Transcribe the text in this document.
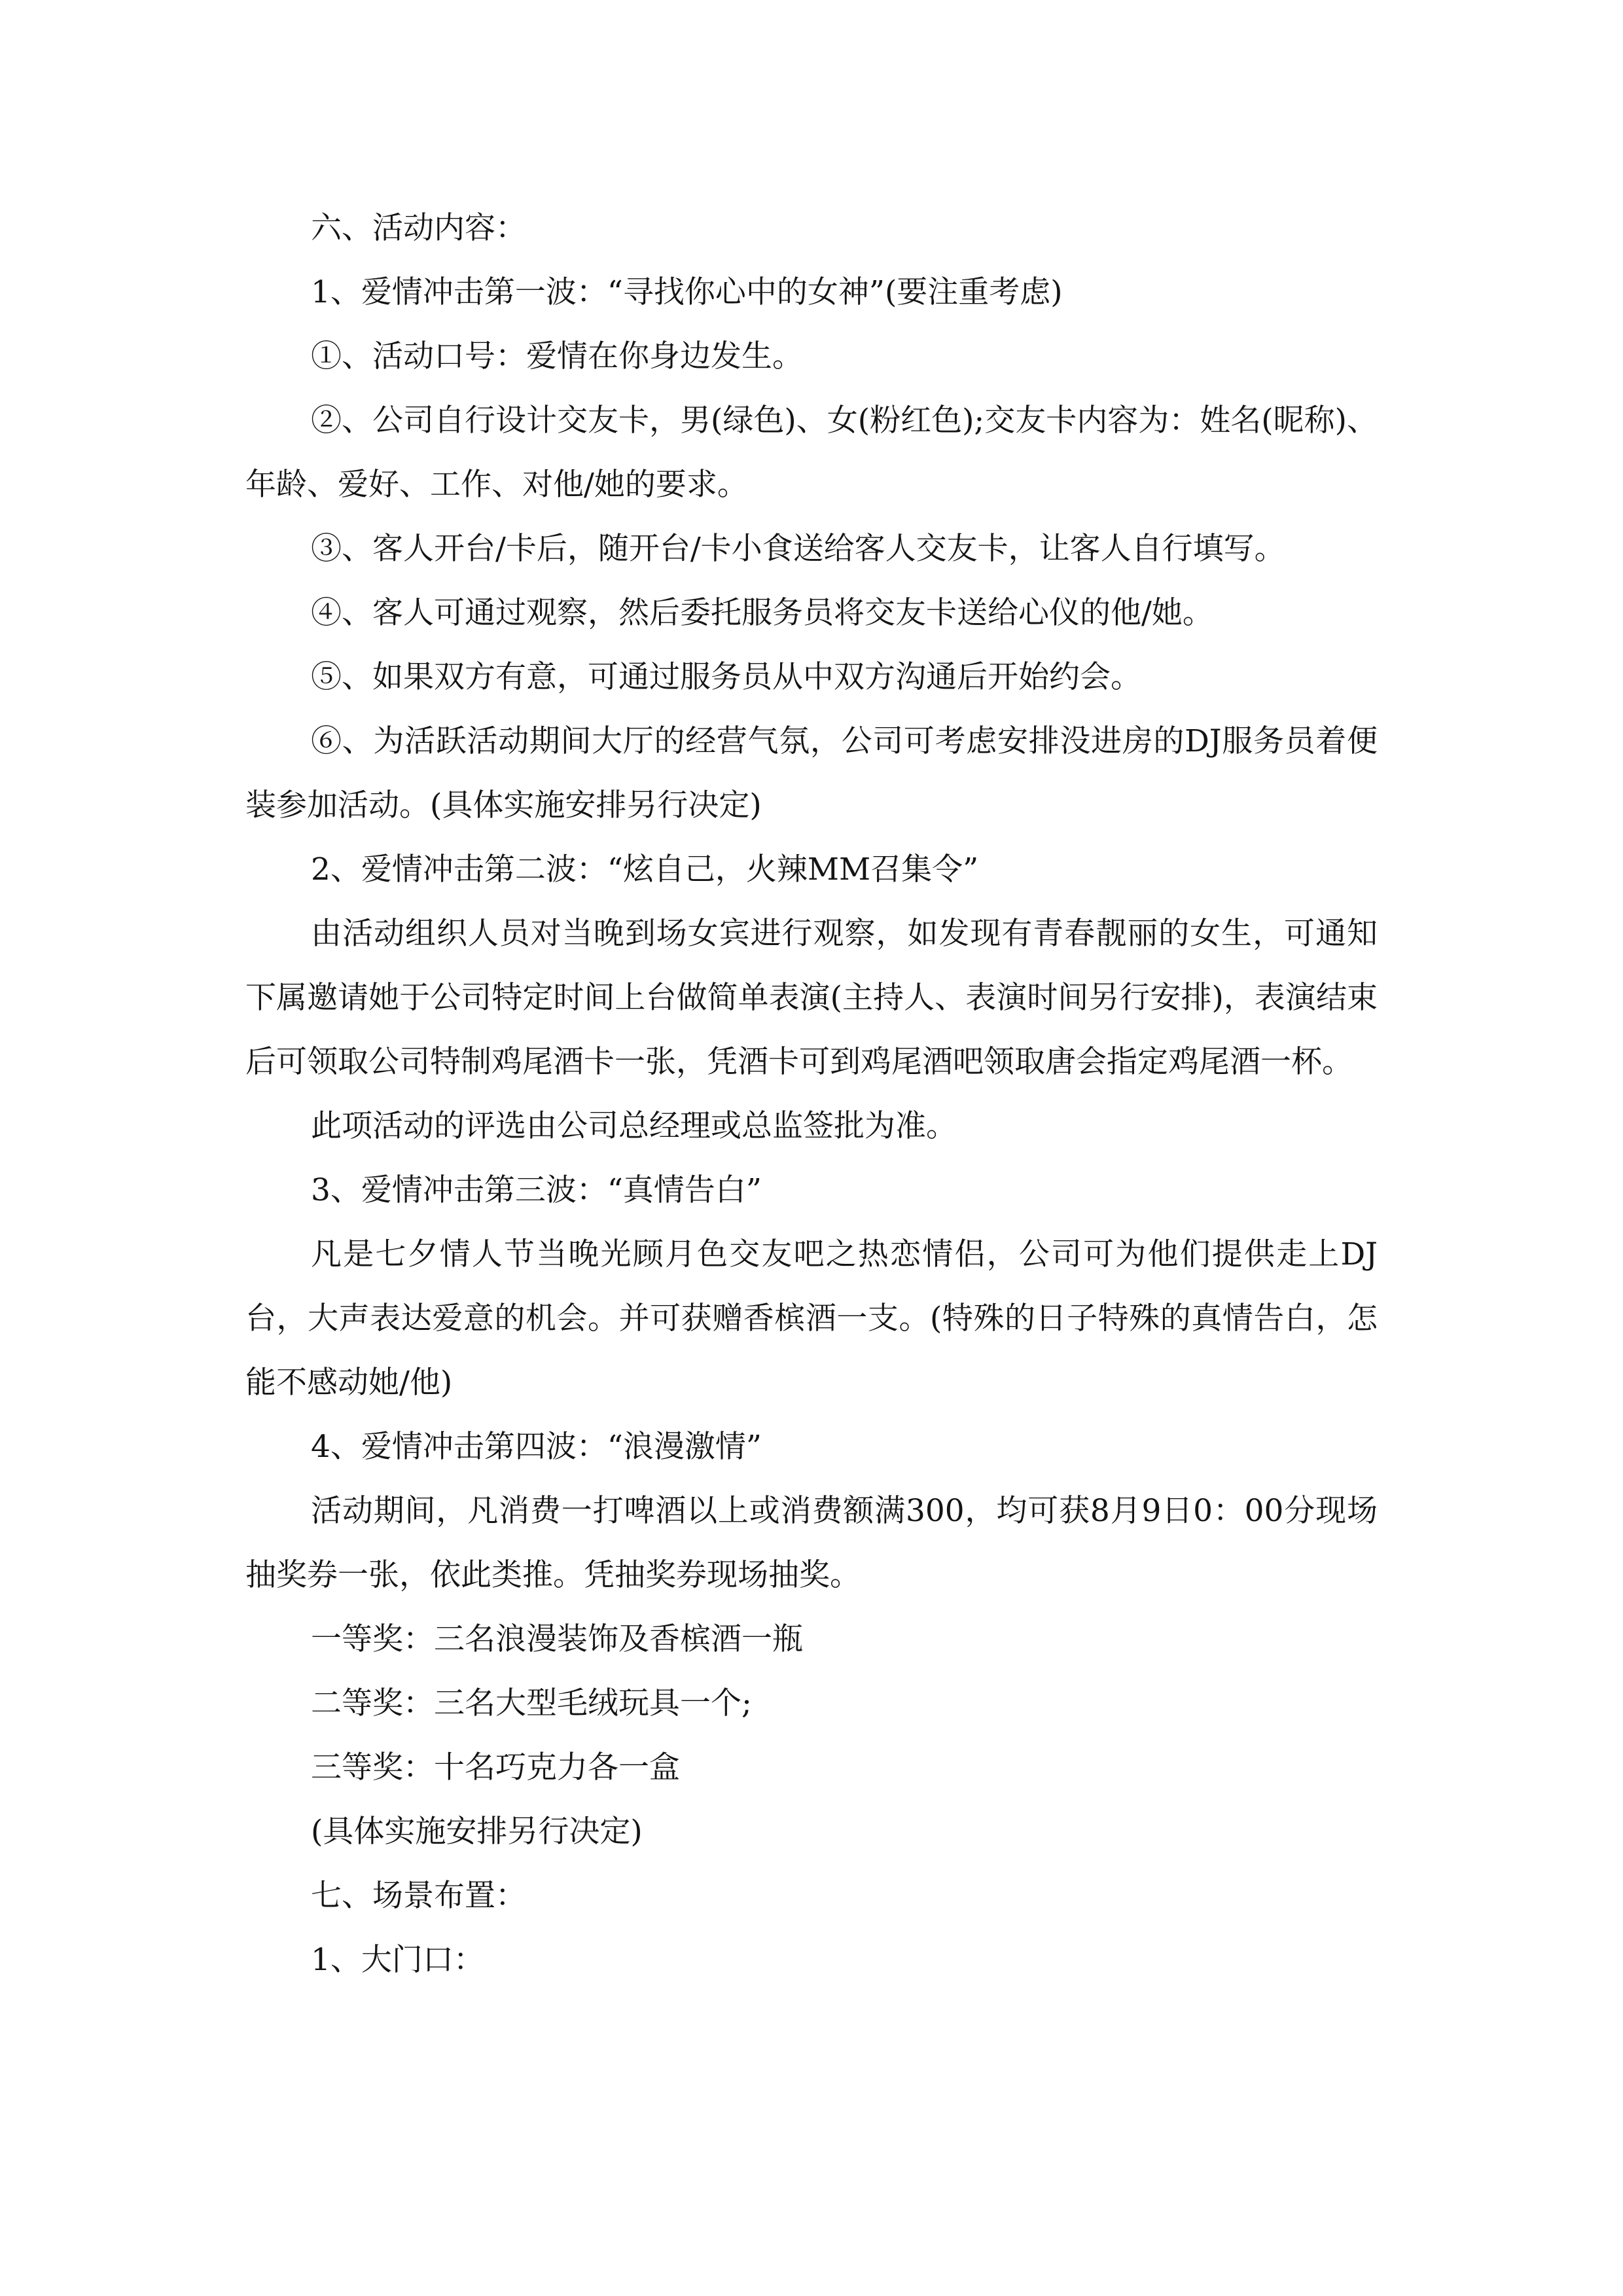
六、活动内容：

1、爱情冲击第一波：“寻找你心中的女神”(要注重考虑)

①、活动口号：爱情在你身边发生。

②、公司自行设计交友卡，男(绿色)、女(粉红色);交友卡内容为：姓名(昵称)、年龄、爱好、工作、对他/她的要求。

③、客人开台/卡后，随开台/卡小食送给客人交友卡，让客人自行填写。

④、客人可通过观察，然后委托服务员将交友卡送给心仪的他/她。

⑤、如果双方有意，可通过服务员从中双方沟通后开始约会。

⑥、为活跃活动期间大厅的经营气氛，公司可考虑安排没进房的DJ服务员着便装参加活动。(具体实施安排另行决定)

2、爱情冲击第二波：“炫自己，火辣MM召集令”

由活动组织人员对当晚到场女宾进行观察，如发现有青春靓丽的女生，可通知下属邀请她于公司特定时间上台做简单表演(主持人、表演时间另行安排)，表演结束后可领取公司特制鸡尾酒卡一张，凭酒卡可到鸡尾酒吧领取唐会指定鸡尾酒一杯。

此项活动的评选由公司总经理或总监签批为准。

3、爱情冲击第三波：“真情告白”

凡是七夕情人节当晚光顾月色交友吧之热恋情侣，公司可为他们提供走上DJ台，大声表达爱意的机会。并可获赠香槟酒一支。(特殊的日子特殊的真情告白，怎能不感动她/他)

4、爱情冲击第四波：“浪漫激情”

活动期间，凡消费一打啤酒以上或消费额满300，均可获8月9日0：00分现场抽奖券一张，依此类推。凭抽奖券现场抽奖。

一等奖：三名浪漫装饰及香槟酒一瓶

二等奖：三名大型毛绒玩具一个;

三等奖：十名巧克力各一盒

(具体实施安排另行决定)

七、场景布置：

1、大门口：
